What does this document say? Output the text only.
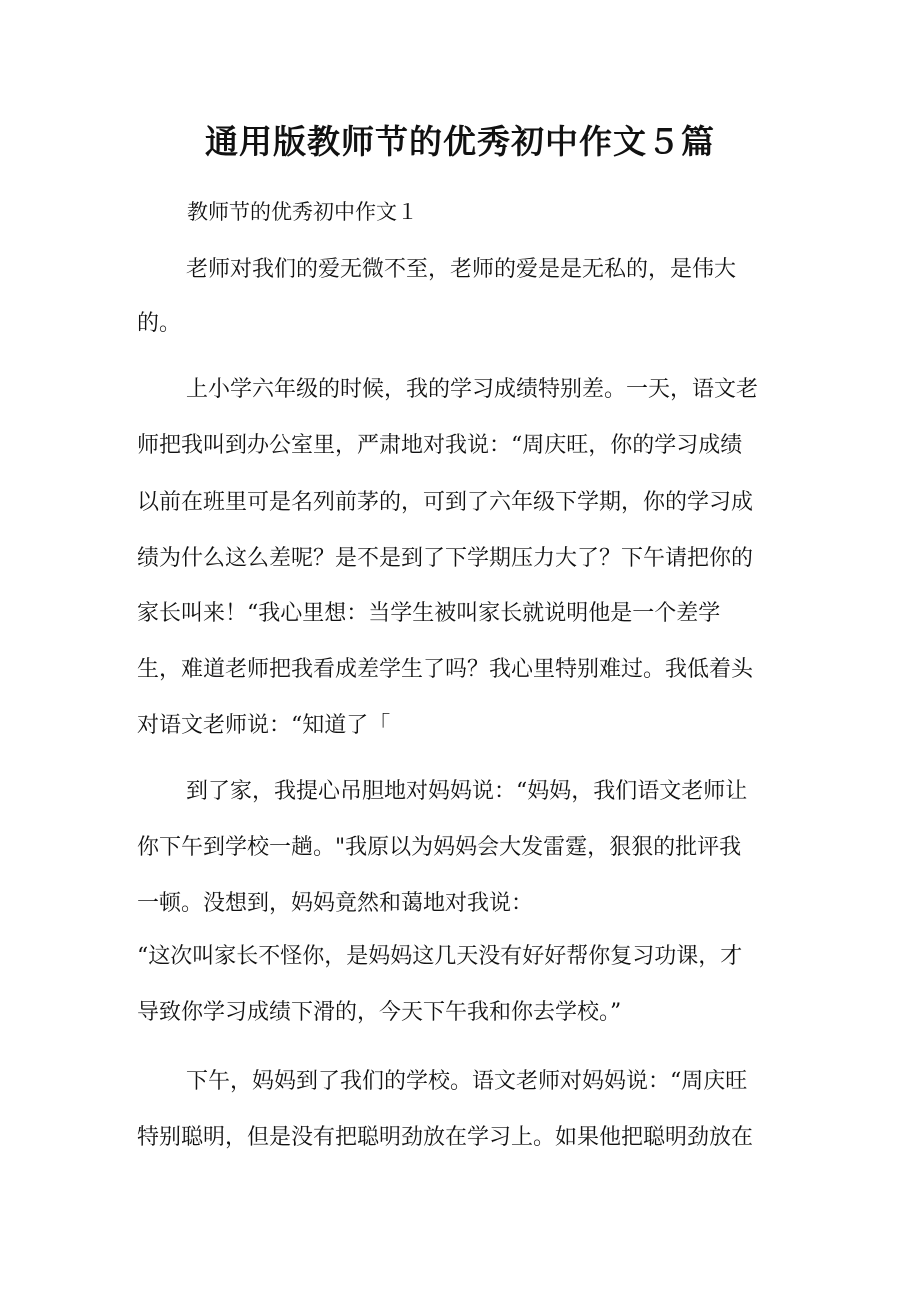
通用版教师节的优秀初中作文５篇

教师节的优秀初中作文１

老师对我们的爱无微不至，老师的爱是是无私的，是伟大

的。

上小学六年级的时候，我的学习成绩特别差。一天，语文老

师把我叫到办公室里，严肃地对我说：“周庆旺，你的学习成绩

以前在班里可是名列前茅的，可到了六年级下学期，你的学习成

绩为什么这么差呢？是不是到了下学期压力大了？下午请把你的

家长叫来！“我心里想：当学生被叫家长就说明他是一个差学

生，难道老师把我看成差学生了吗？我心里特别难过。我低着头

对语文老师说：“知道了「

到了家，我提心吊胆地对妈妈说：“妈妈，我们语文老师让

你下午到学校一趟。"我原以为妈妈会大发雷霆，狠狠的批评我

一顿。没想到，妈妈竟然和蔼地对我说：

“这次叫家长不怪你，是妈妈这几天没有好好帮你复习功课，才

导致你学习成绩下滑的，今天下午我和你去学校。”

下午，妈妈到了我们的学校。语文老师对妈妈说：“周庆旺

特别聪明，但是没有把聪明劲放在学习上。如果他把聪明劲放在
